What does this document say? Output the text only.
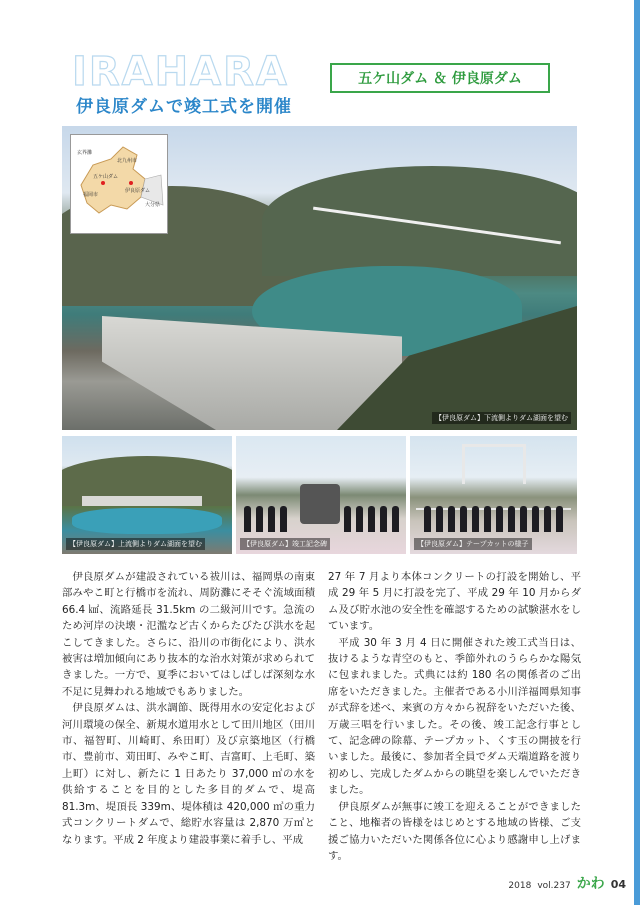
IRAHARA
伊良原ダムで竣工式を開催
五ケ山ダム ＆ 伊良原ダム
五ケ山ダム
伊良原ダム
北九州市
福岡市
玄界灘
大分県
【伊良原ダム】下流側よりダム湖面を望む
【伊良原ダム】上流側よりダム湖面を望む	【伊良原ダム】竣工記念碑	【伊良原ダム】テープカットの様子

伊良原ダムが建設されている祓川は、福岡県の南東部みやこ町と行橋市を流れ、周防灘にそそぐ流域面積 66.4 ㎢、流路延長 31.5km の二級河川です。急流のため河岸の決壊・氾濫など古くからたびたび洪水を起こしてきました。さらに、沿川の市街化により、洪水被害は増加傾向にあり抜本的な治水対策が求められてきました。一方で、夏季においてはしばしば深刻な水不足に見舞われる地域でもありました。

伊良原ダムは、洪水調節、既得用水の安定化および河川環境の保全、新規水道用水として田川地区（田川市、福智町、川崎町、糸田町）及び京築地区（行橋市、豊前市、苅田町、みやこ町、吉富町、上毛町、築上町）に対し、新たに 1 日あたり 37,000 ㎥の水を供給することを目的とした多目的ダムで、堤高 81.3m、堤頂長 339m、堤体積は 420,000 ㎥の重力式コンクリートダムで、総貯水容量は 2,870 万㎥となります。平成 2 年度より建設事業に着手し、平成

27 年 7 月より本体コンクリートの打設を開始し、平成 29 年 5 月に打設を完了、平成 29 年 10 月からダム及び貯水池の安全性を確認するための試験湛水をしています。

平成 30 年 3 月 4 日に開催された竣工式当日は、抜けるような青空のもと、季節外れのうららかな陽気に包まれました。式典には約 180 名の関係者のご出席をいただきました。主催者である小川洋福岡県知事が式辞を述べ、来賓の方々から祝辞をいただいた後、万歳三唱を行いました。その後、竣工記念行事として、記念碑の除幕、テープカット、くす玉の開披を行いました。最後に、参加者全員でダム天端道路を渡り初めし、完成したダムからの眺望を楽しんでいただきました。

伊良原ダムが無事に竣工を迎えることができましたこと、地権者の皆様をはじめとする地域の皆様、ご支援ご協力いただいた関係各位に心より感謝申し上げます。

2018 vol.237 かわ 04
